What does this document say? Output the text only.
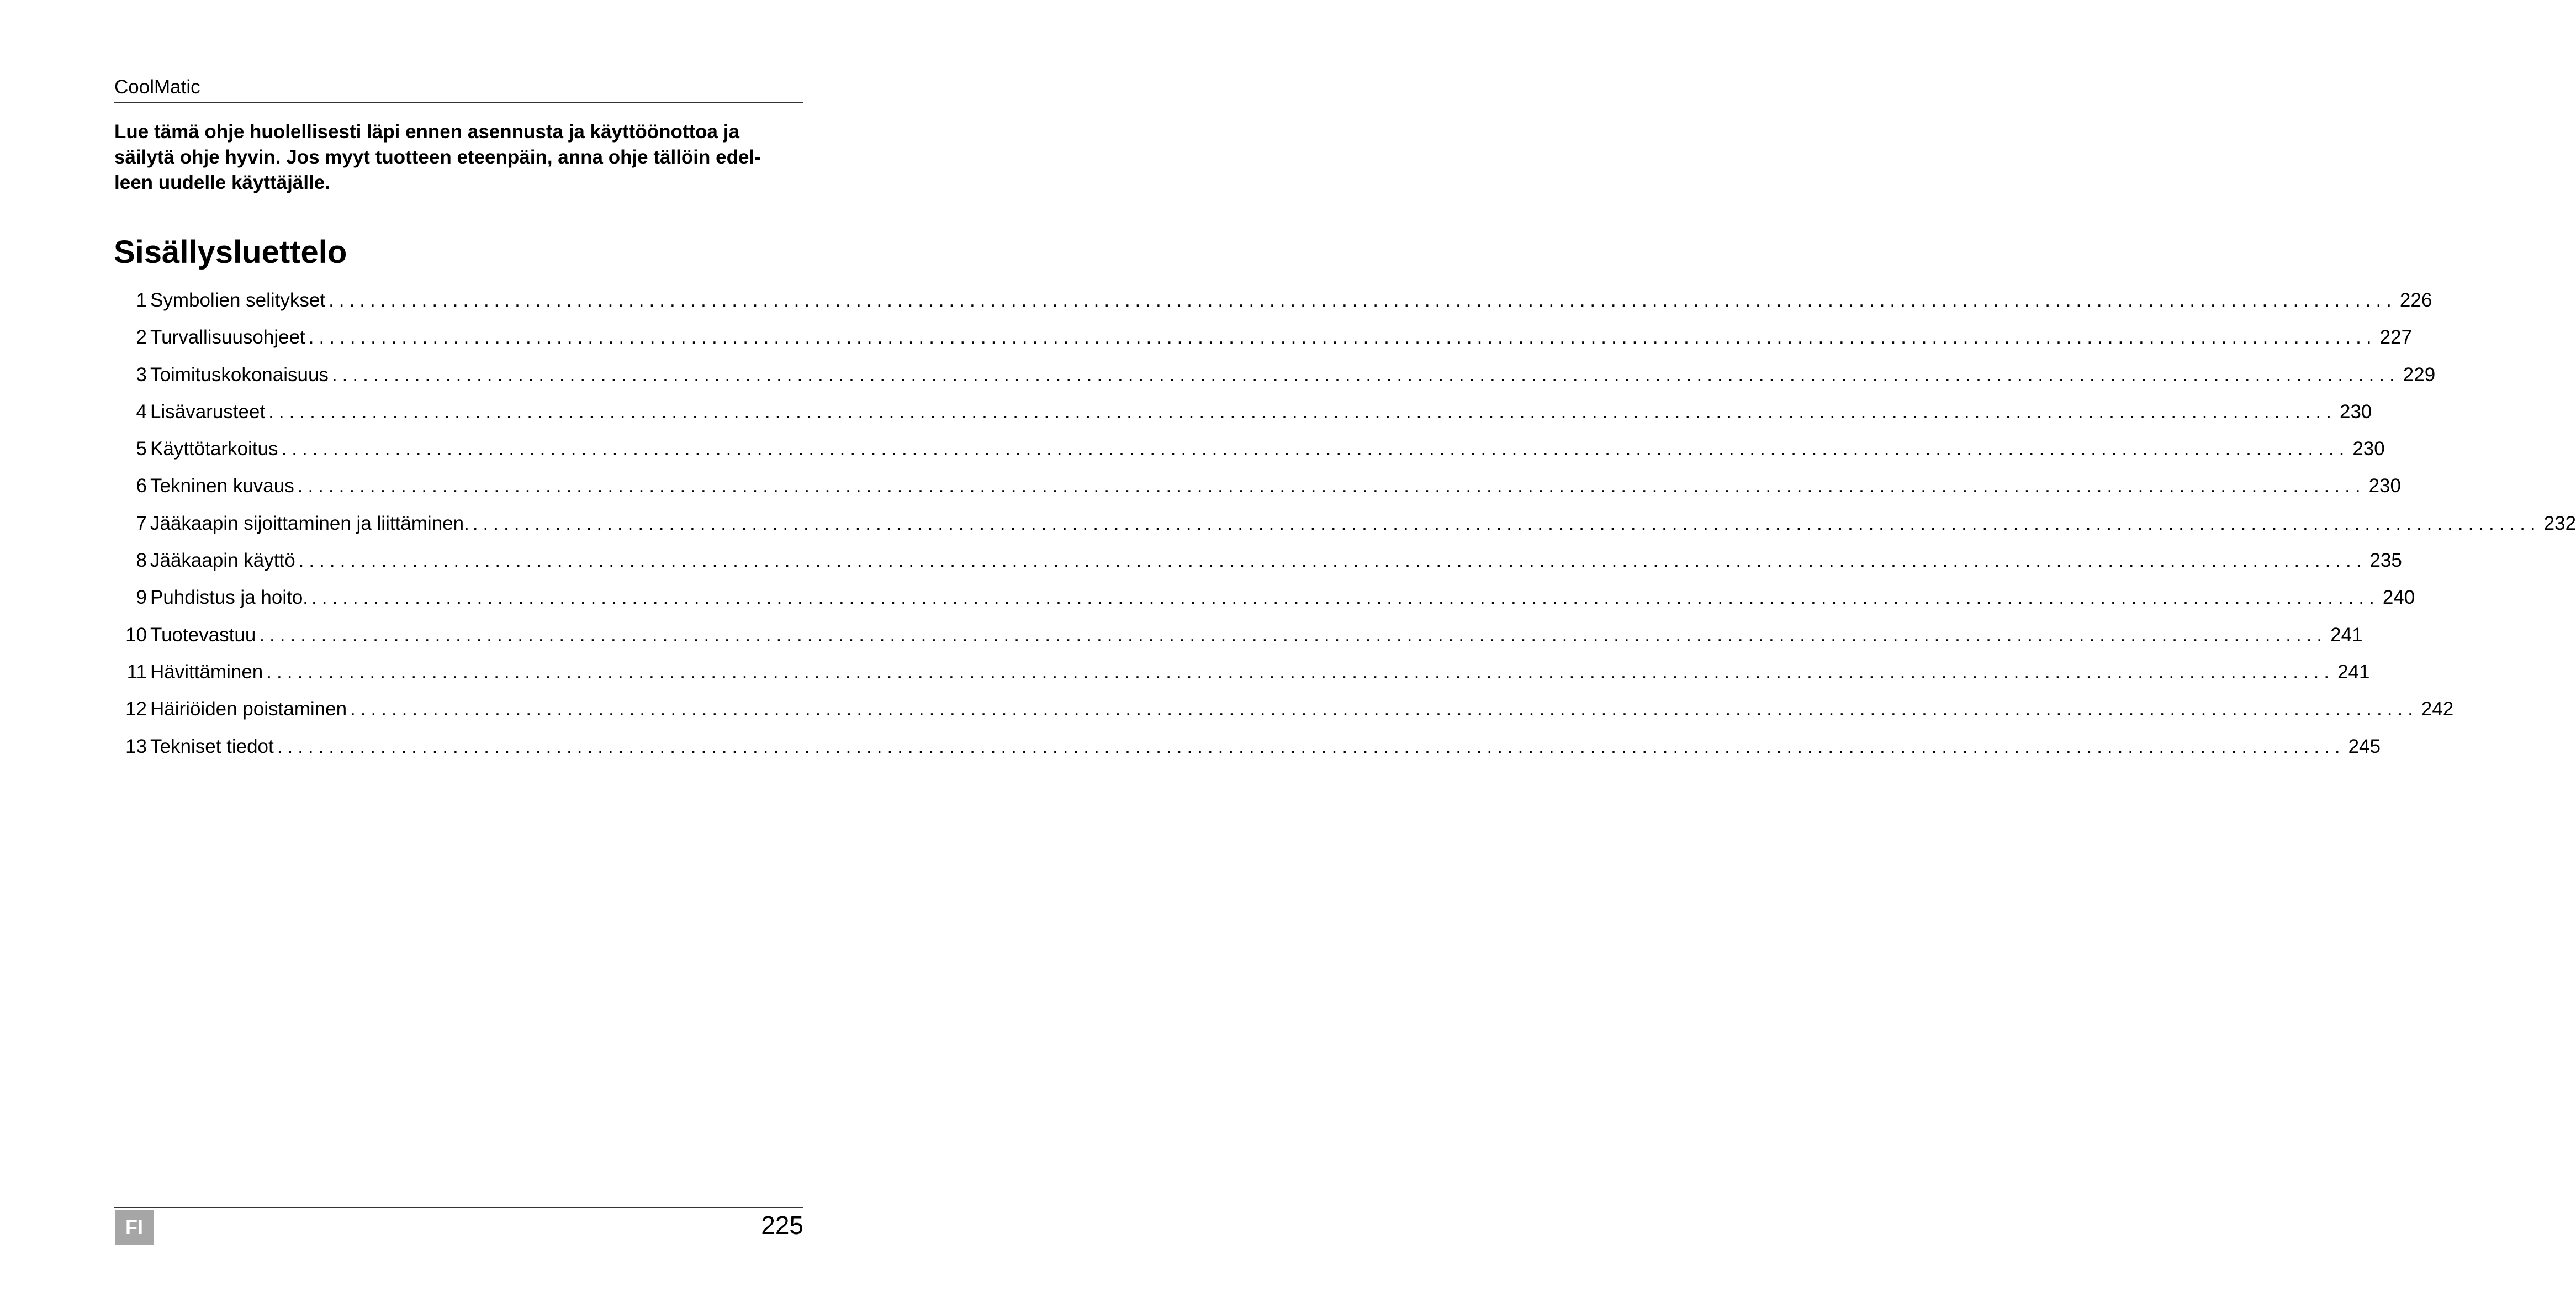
CoolMatic

Lue tämä ohje huolellisesti läpi ennen asennusta ja käyttöönottoa ja
säilytä ohje hyvin. Jos myyt tuotteen eteenpäin, anna ohje tällöin edel-
leen uudelle käyttäjälle.

Sisällysluettelo
1 Symbolien selitykset ........................................................................................................................................................................................................ 226
2 Turvallisuusohjeet ........................................................................................................................................................................................................ 227
3 Toimituskokonaisuus ........................................................................................................................................................................................................ 229
4 Lisävarusteet ........................................................................................................................................................................................................ 230
5 Käyttötarkoitus ........................................................................................................................................................................................................ 230
6 Tekninen kuvaus ........................................................................................................................................................................................................ 230
7 Jääkaapin sijoittaminen ja liittäminen. ........................................................................................................................................................................................................ 232
8 Jääkaapin käyttö ........................................................................................................................................................................................................ 235
9 Puhdistus ja hoito. ........................................................................................................................................................................................................ 240
10 Tuotevastuu ........................................................................................................................................................................................................ 241
11 Hävittäminen ........................................................................................................................................................................................................ 241
12 Häiriöiden poistaminen ........................................................................................................................................................................................................ 242
13 Tekniset tiedot ........................................................................................................................................................................................................ 245
FI	225
